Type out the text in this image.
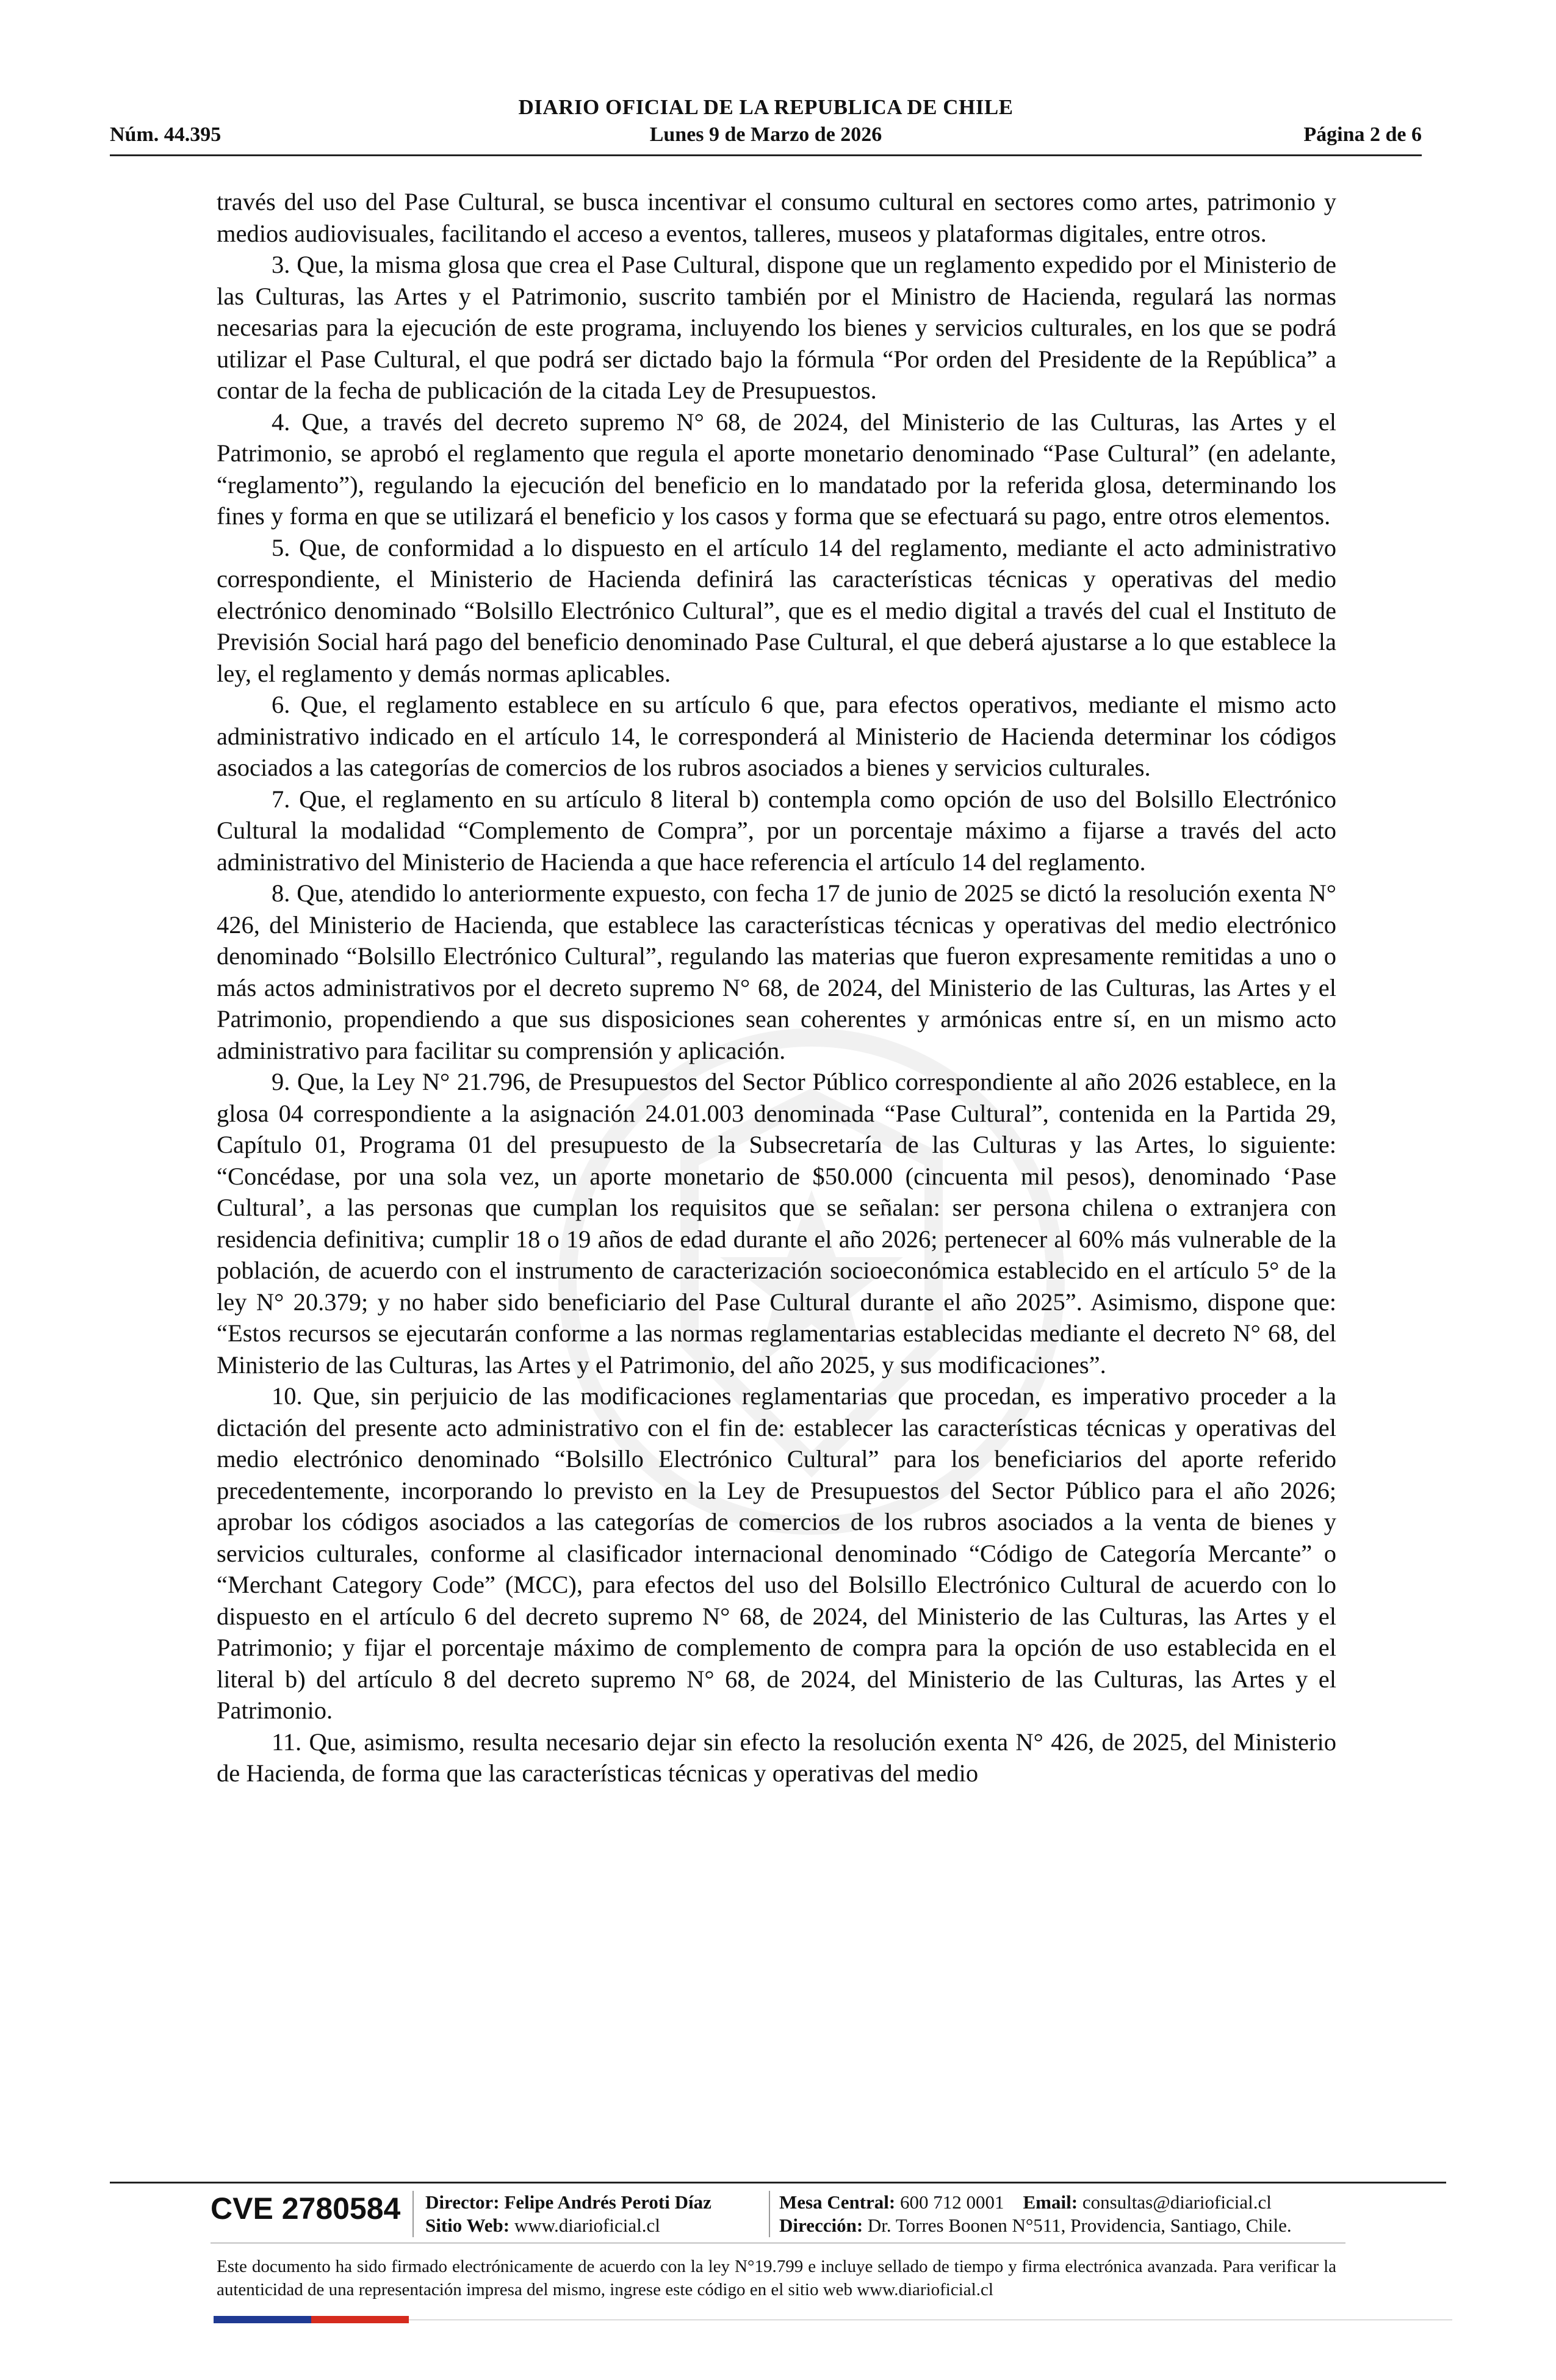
DIARIO OFICIAL DE LA REPUBLICA DE CHILE
Núm. 44.395	Lunes 9 de Marzo de 2026	Página 2 de 6

través del uso del Pase Cultural, se busca incentivar el consumo cultural en sectores como artes, patrimonio y medios audiovisuales, facilitando el acceso a eventos, talleres, museos y plataformas digitales, entre otros.

3. Que, la misma glosa que crea el Pase Cultural, dispone que un reglamento expedido por el Ministerio de las Culturas, las Artes y el Patrimonio, suscrito también por el Ministro de Hacienda, regulará las normas necesarias para la ejecución de este programa, incluyendo los bienes y servicios culturales, en los que se podrá utilizar el Pase Cultural, el que podrá ser dictado bajo la fórmula “Por orden del Presidente de la República” a contar de la fecha de publicación de la citada Ley de Presupuestos.

4. Que, a través del decreto supremo N° 68, de 2024, del Ministerio de las Culturas, las Artes y el Patrimonio, se aprobó el reglamento que regula el aporte monetario denominado “Pase Cultural” (en adelante, “reglamento”), regulando la ejecución del beneficio en lo mandatado por la referida glosa, determinando los fines y forma en que se utilizará el beneficio y los casos y forma que se efectuará su pago, entre otros elementos.

5. Que, de conformidad a lo dispuesto en el artículo 14 del reglamento, mediante el acto administrativo correspondiente, el Ministerio de Hacienda definirá las características técnicas y operativas del medio electrónico denominado “Bolsillo Electrónico Cultural”, que es el medio digital a través del cual el Instituto de Previsión Social hará pago del beneficio denominado Pase Cultural, el que deberá ajustarse a lo que establece la ley, el reglamento y demás normas aplicables.

6. Que, el reglamento establece en su artículo 6 que, para efectos operativos, mediante el mismo acto administrativo indicado en el artículo 14, le corresponderá al Ministerio de Hacienda determinar los códigos asociados a las categorías de comercios de los rubros asociados a bienes y servicios culturales.

7. Que, el reglamento en su artículo 8 literal b) contempla como opción de uso del Bolsillo Electrónico Cultural la modalidad “Complemento de Compra”, por un porcentaje máximo a fijarse a través del acto administrativo del Ministerio de Hacienda a que hace referencia el artículo 14 del reglamento.

8. Que, atendido lo anteriormente expuesto, con fecha 17 de junio de 2025 se dictó la resolución exenta N° 426, del Ministerio de Hacienda, que establece las características técnicas y operativas del medio electrónico denominado “Bolsillo Electrónico Cultural”, regulando las materias que fueron expresamente remitidas a uno o más actos administrativos por el decreto supremo N° 68, de 2024, del Ministerio de las Culturas, las Artes y el Patrimonio, propendiendo a que sus disposiciones sean coherentes y armónicas entre sí, en un mismo acto administrativo para facilitar su comprensión y aplicación.

9. Que, la Ley N° 21.796, de Presupuestos del Sector Público correspondiente al año 2026 establece, en la glosa 04 correspondiente a la asignación 24.01.003 denominada “Pase Cultural”, contenida en la Partida 29, Capítulo 01, Programa 01 del presupuesto de la Subsecretaría de las Culturas y las Artes, lo siguiente: “Concédase, por una sola vez, un aporte monetario de $50.000 (cincuenta mil pesos), denominado ‘Pase Cultural’, a las personas que cumplan los requisitos que se señalan: ser persona chilena o extranjera con residencia definitiva; cumplir 18 o 19 años de edad durante el año 2026; pertenecer al 60% más vulnerable de la población, de acuerdo con el instrumento de caracterización socioeconómica establecido en el artículo 5° de la ley N° 20.379; y no haber sido beneficiario del Pase Cultural durante el año 2025”. Asimismo, dispone que: “Estos recursos se ejecutarán conforme a las normas reglamentarias establecidas mediante el decreto N° 68, del Ministerio de las Culturas, las Artes y el Patrimonio, del año 2025, y sus modificaciones”.

10. Que, sin perjuicio de las modificaciones reglamentarias que procedan, es imperativo proceder a la dictación del presente acto administrativo con el fin de: establecer las características técnicas y operativas del medio electrónico denominado “Bolsillo Electrónico Cultural” para los beneficiarios del aporte referido precedentemente, incorporando lo previsto en la Ley de Presupuestos del Sector Público para el año 2026; aprobar los códigos asociados a las categorías de comercios de los rubros asociados a la venta de bienes y servicios culturales, conforme al clasificador internacional denominado “Código de Categoría Mercante” o “Merchant Category Code” (MCC), para efectos del uso del Bolsillo Electrónico Cultural de acuerdo con lo dispuesto en el artículo 6 del decreto supremo N° 68, de 2024, del Ministerio de las Culturas, las Artes y el Patrimonio; y fijar el porcentaje máximo de complemento de compra para la opción de uso establecida en el literal b) del artículo 8 del decreto supremo N° 68, de 2024, del Ministerio de las Culturas, las Artes y el Patrimonio.

11. Que, asimismo, resulta necesario dejar sin efecto la resolución exenta N° 426, de 2025, del Ministerio de Hacienda, de forma que las características técnicas y operativas del medio

CVE 2780584 Director: Felipe Andrés Peroti Díaz
Sitio Web: www.diarioficial.cl
Mesa Central: 600 712 0001 Email: consultas@diarioficial.cl
Dirección: Dr. Torres Boonen N°511, Providencia, Santiago, Chile.
Este documento ha sido firmado electrónicamente de acuerdo con la ley N°19.799 e incluye sellado de tiempo y firma electrónica avanzada. Para verificar la autenticidad de una representación impresa del mismo, ingrese este código en el sitio web www.diarioficial.cl
